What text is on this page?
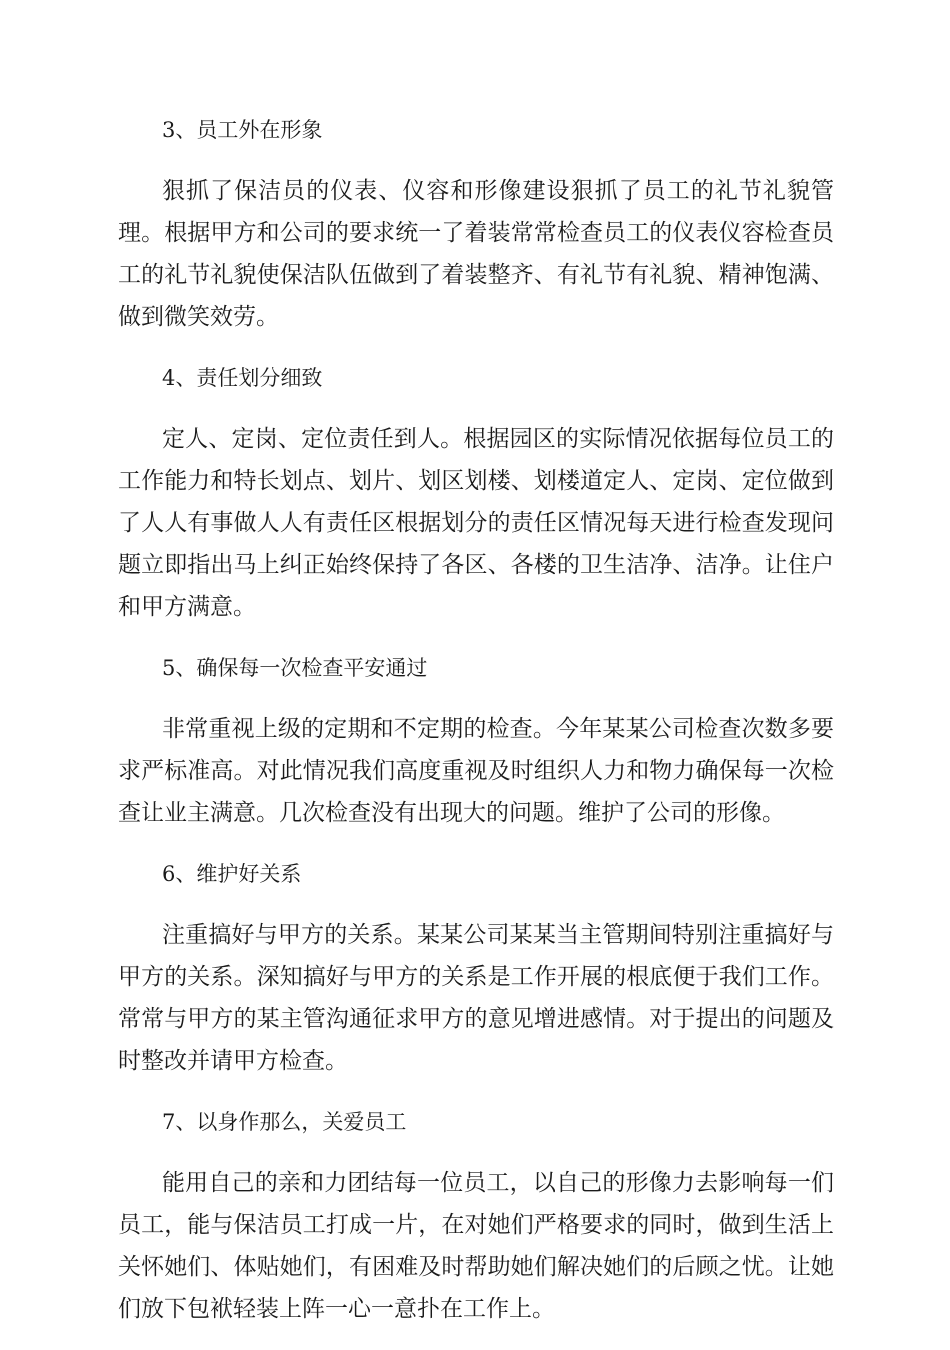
3、员工外在形象

狠抓了保洁员的仪表、仪容和形像建设狠抓了员工的礼节礼貌管理。根据甲方和公司的要求统一了着装常常检查员工的仪表仪容检查员工的礼节礼貌使保洁队伍做到了着装整齐、有礼节有礼貌、精神饱满、做到微笑效劳。

4、责任划分细致

定人、定岗、定位责任到人。根据园区的实际情况依据每位员工的工作能力和特长划点、划片、划区划楼、划楼道定人、定岗、定位做到了人人有事做人人有责任区根据划分的责任区情况每天进行检查发现问题立即指出马上纠正始终保持了各区、各楼的卫生洁净、洁净。让住户和甲方满意。

5、确保每一次检查平安通过

非常重视上级的定期和不定期的检查。今年某某公司检查次数多要求严标准高。对此情况我们高度重视及时组织人力和物力确保每一次检查让业主满意。几次检查没有出现大的问题。维护了公司的形像。

6、维护好关系

注重搞好与甲方的关系。某某公司某某当主管期间特别注重搞好与甲方的关系。深知搞好与甲方的关系是工作开展的根底便于我们工作。常常与甲方的某主管沟通征求甲方的意见增进感情。对于提出的问题及时整改并请甲方检查。

7、以身作那么，关爱员工

能用自己的亲和力团结每一位员工，以自己的形像力去影响每一们员工，能与保洁员工打成一片，在对她们严格要求的同时，做到生活上关怀她们、体贴她们，有困难及时帮助她们解决她们的后顾之忧。让她们放下包袱轻装上阵一心一意扑在工作上。
